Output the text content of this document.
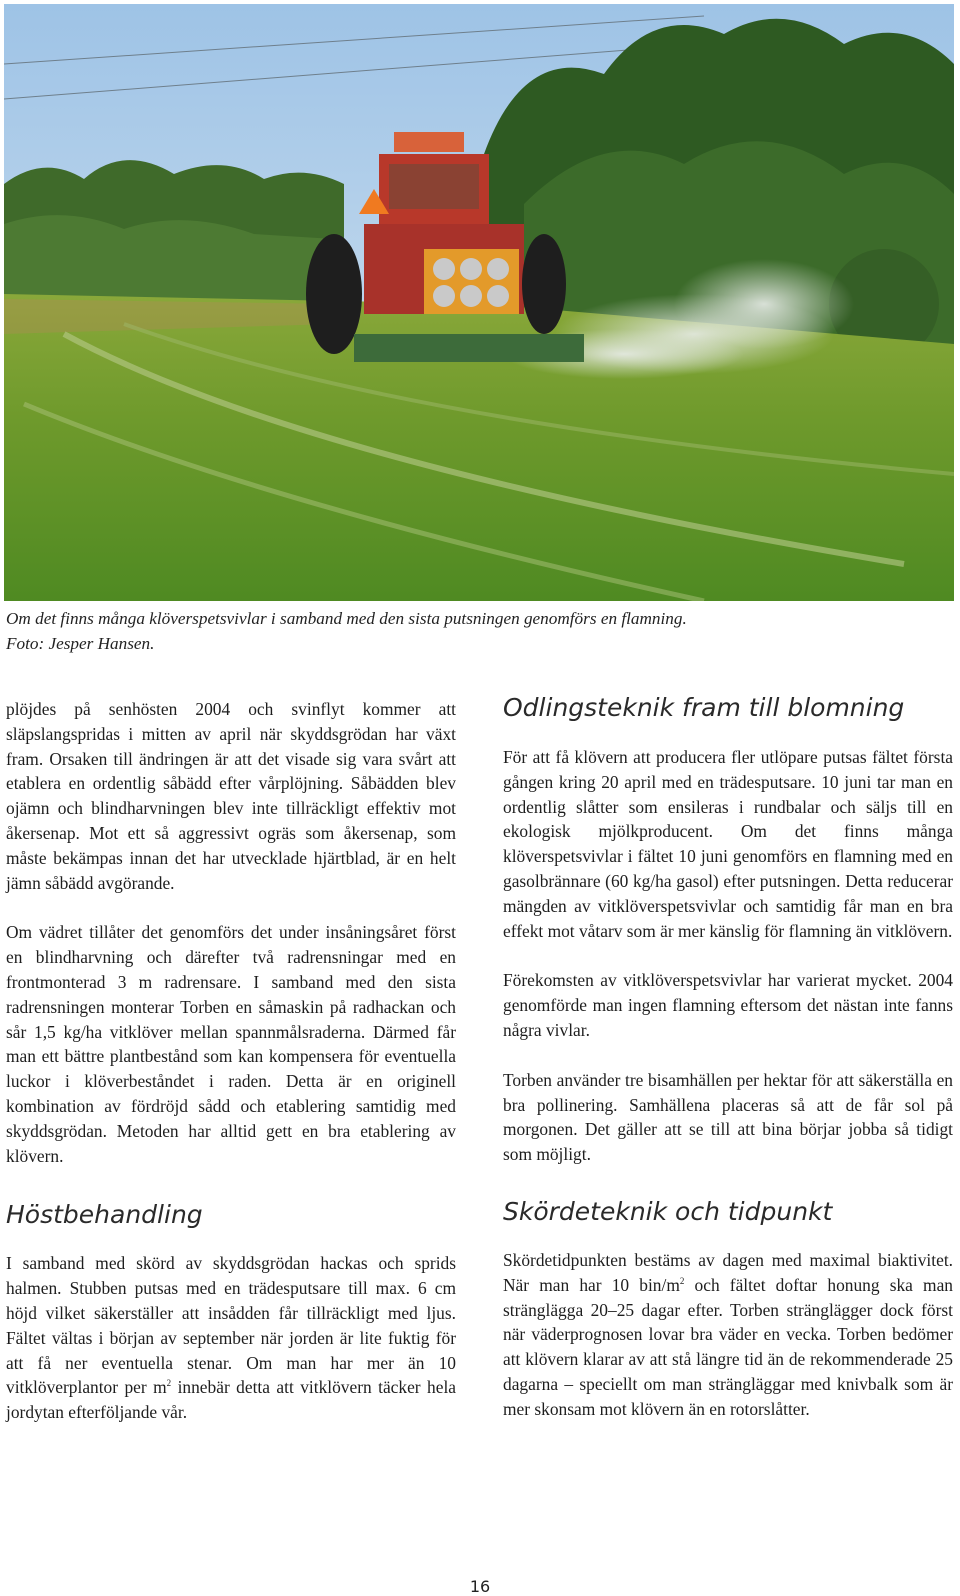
Om det finns många klöverspetsvivlar i samband med den sista putsningen genomförs en flamning.
Foto: Jesper Hansen.

plöjdes på senhösten 2004 och svinflyt kommer att släpslangspridas i mitten av april när skyddsgrödan har växt fram. Orsaken till ändringen är att det visade sig vara svårt att etablera en ordentlig såbädd efter vårplöjning. Såbädden blev ojämn och blindharvningen blev inte tillräckligt effektiv mot åkersenap. Mot ett så aggressivt ogräs som åkersenap, som måste bekämpas innan det har utvecklade hjärtblad, är en helt jämn såbädd avgörande.

Om vädret tillåter det genomförs det under insåningsåret först en blindharvning och därefter två radrensningar med en frontmonterad 3 m radrensare. I samband med den sista radrensningen monterar Torben en såmaskin på radhackan och sår 1,5 kg/ha vitklöver mellan spannmålsraderna. Därmed får man ett bättre plantbestånd som kan kompensera för eventuella luckor i klöverbeståndet i raden. Detta är en originell kombination av fördröjd sådd och etablering samtidig med skyddsgrödan. Metoden har alltid gett en bra etablering av klövern.

Höstbehandling

I samband med skörd av skyddsgrödan hackas och sprids halmen. Stubben putsas med en trädesputsare till max. 6 cm höjd vilket säkerställer att insådden får tillräckligt med ljus. Fältet vältas i början av september när jorden är lite fuktig för att få ner eventuella stenar. Om man har mer än 10 vitklöverplantor per $m^2$ innebär detta att vitklövern täcker hela jordytan efterföljande vår.

Odlingsteknik fram till blomning

För att få klövern att producera fler utlöpare putsas fältet första gången kring 20 april med en trädesputsare. 10 juni tar man en ordentlig slåtter som ensileras i rundbalar och säljs till en ekologisk mjölkproducent. Om det finns många klöverspetsvivlar i fältet 10 juni genomförs en flamning med en gasolbrännare (60 kg/ha gasol) efter putsningen. Detta reducerar mängden av vitklöverspetsvivlar och samtidig får man en bra effekt mot våtarv som är mer känslig för flamning än vitklövern.

Förekomsten av vitklöverspetsvivlar har varierat mycket. 2004 genomförde man ingen flamning eftersom det nästan inte fanns några vivlar.

Torben använder tre bisamhällen per hektar för att säkerställa en bra pollinering. Samhällena placeras så att de får sol på morgonen. Det gäller att se till att bina börjar jobba så tidigt som möjligt.

Skördeteknik och tidpunkt

Skördetidpunkten bestäms av dagen med maximal biaktivitet. När man har 10 bin/$m^2$ och fältet doftar honung ska man strängläggа 20–25 dagar efter. Torben stränglägger dock först när väderprognosen lovar bra väder en vecka. Torben bedömer att klövern klarar av att stå längre tid än de rekommenderade 25 dagarna – speciellt om man strängläggar med knivbalk som är mer skonsam mot klövern än en rotorslåtter.

16
